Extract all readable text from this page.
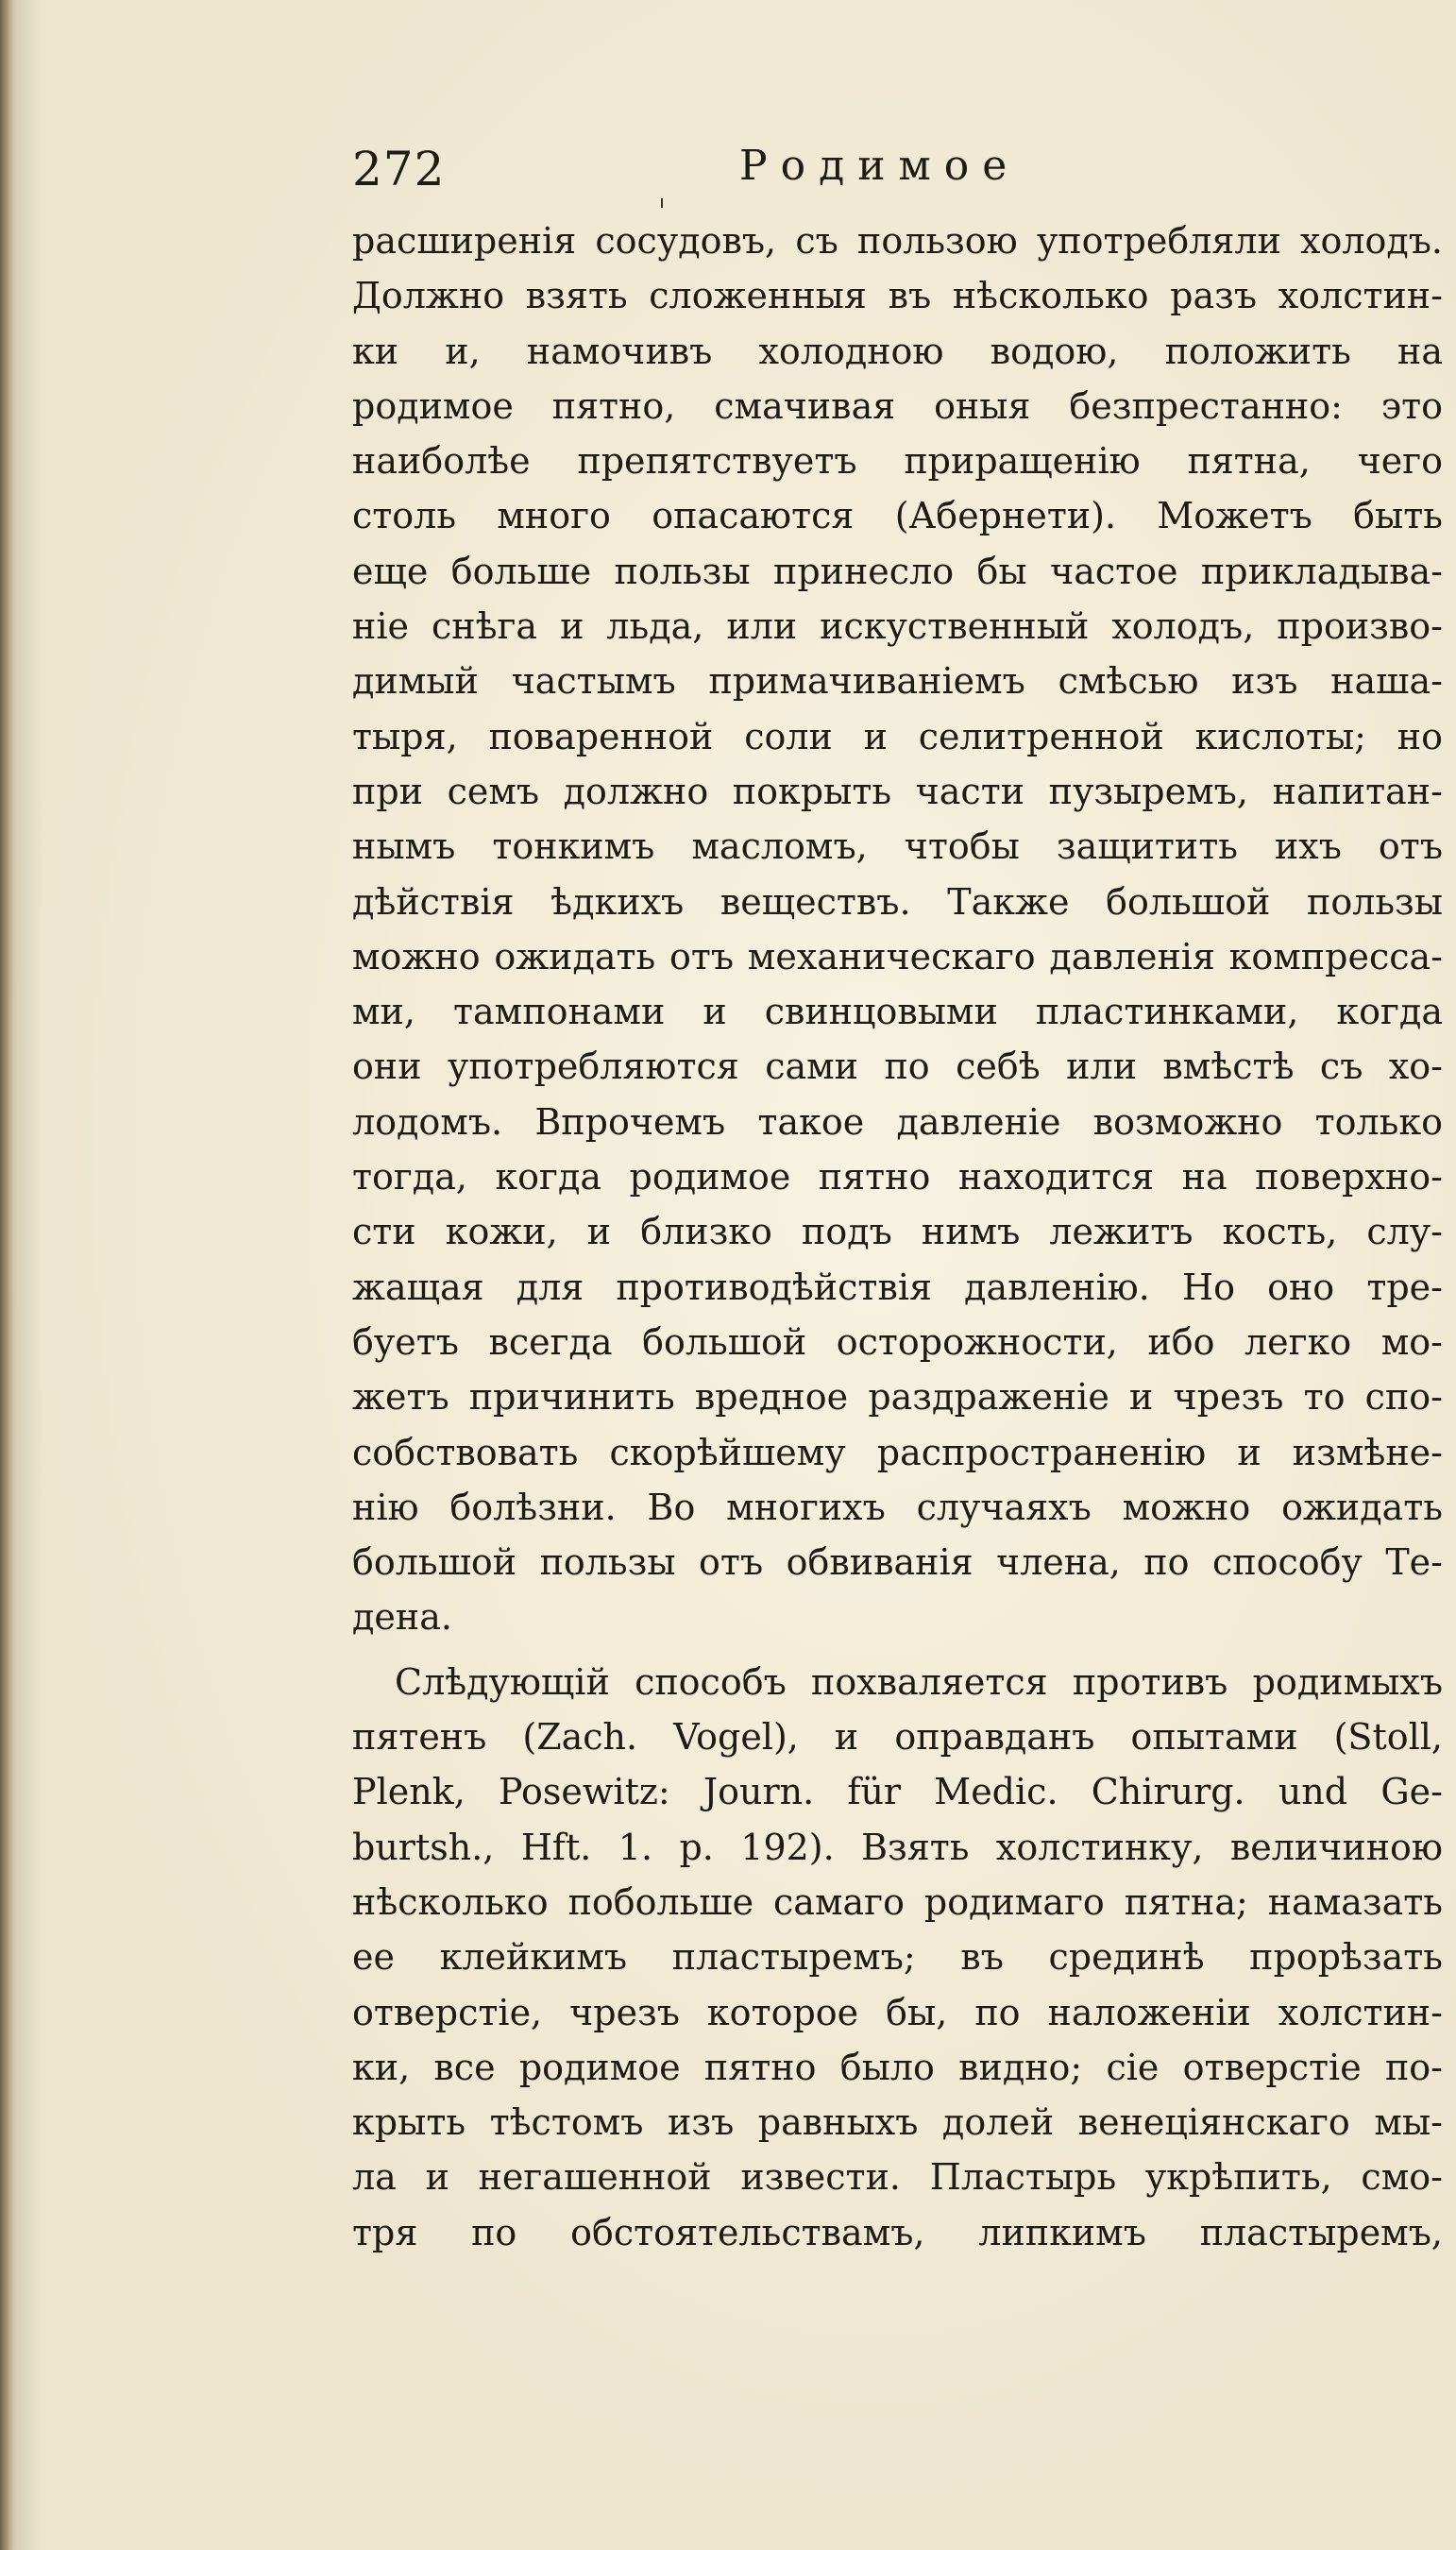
272	Родимое
расширенія сосудовъ, съ пользою употребляли холодъ.
Должно взять сложенныя въ нѣсколько разъ холстин-
ки и, намочивъ холодною водою, положить на
родимое пятно, смачивая оныя безпрестанно: это
наиболѣе препятствуетъ приращенію пятна, чего
столь много опасаются (Абернети). Можетъ быть
еще больше пользы принесло бы частое прикладыва-
ніе снѣга и льда, или искуственный холодъ, произво-
димый частымъ примачиваніемъ смѣсью изъ наша-
тыря, поваренной соли и селитренной кислоты; но
при семъ должно покрыть части пузыремъ, напитан-
нымъ тонкимъ масломъ, чтобы защитить ихъ отъ
дѣйствія ѣдкихъ веществъ. Также большой пользы
можно ожидать отъ механическаго давленія компресса-
ми, тампонами и свинцовыми пластинками, когда
они употребляются сами по себѣ или вмѣстѣ съ хо-
лодомъ. Впрочемъ такое давленіе возможно только
тогда, когда родимое пятно находится на поверхно-
сти кожи, и близко подъ нимъ лежитъ кость, слу-
жащая для противодѣйствія давленію. Но оно тре-
буетъ всегда большой осторожности, ибо легко мо-
жетъ причинить вредное раздраженіе и чрезъ то спо-
собствовать скорѣйшему распространенію и измѣне-
нію болѣзни. Во многихъ случаяхъ можно ожидать
большой пользы отъ обвиванія члена, по способу Те-
дена.
Слѣдующій способъ похваляется противъ родимыхъ
пятенъ (Zach. Vogel), и оправданъ опытами (Stoll,
Plenk, Posewitz: Journ. für Medic. Chirurg. und Ge-
burtsh., Hft. 1. p. 192). Взять холстинку, величиною
нѣсколько побольше самаго родимаго пятна; намазать
ее клейкимъ пластыремъ; въ срединѣ прорѣзать
отверстіе, чрезъ которое бы, по наложеніи холстин-
ки, все родимое пятно было видно; сіе отверстіе по-
крыть тѣстомъ изъ равныхъ долей венеціянскаго мы-
ла и негашенной извести. Пластырь укрѣпить, смо-
тря по обстоятельствамъ, липкимъ пластыремъ,
